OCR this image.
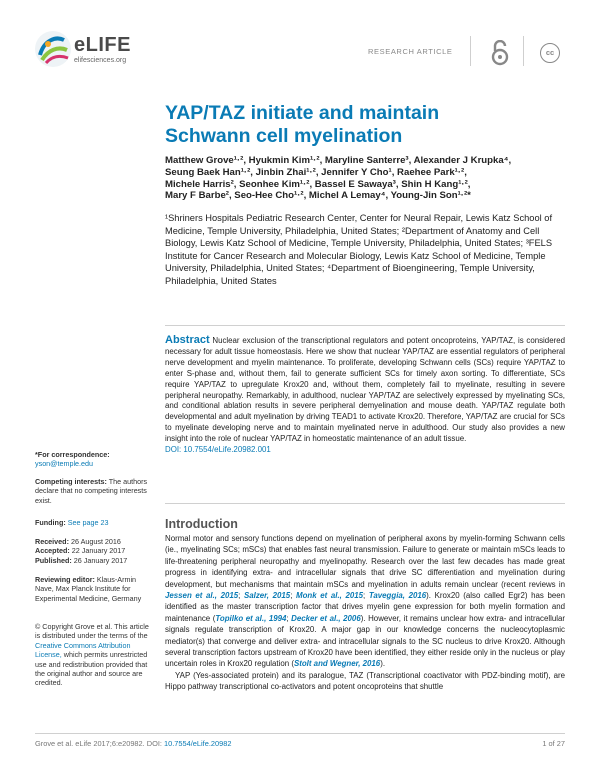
eLIFE
elifesciences.org
RESEARCH ARTICLE	cc
YAP/TAZ initiate and maintain Schwann cell myelination
Matthew Grove¹·², Hyukmin Kim¹·², Maryline Santerre³, Alexander J Krupka⁴,
Seung Baek Han¹·², Jinbin Zhai¹·², Jennifer Y Cho¹, Raehee Park¹·²,
Michele Harris², Seonhee Kim¹·², Bassel E Sawaya³, Shin H Kang¹·²,
Mary F Barbe², Seo-Hee Cho¹·², Michel A Lemay⁴, Young-Jin Son¹·²*
¹Shriners Hospitals Pediatric Research Center, Center for Neural Repair, Lewis Katz School of Medicine, Temple University, Philadelphia, United States; ²Department of Anatomy and Cell Biology, Lewis Katz School of Medicine, Temple University, Philadelphia, United States; ³FELS Institute for Cancer Research and Molecular Biology, Lewis Katz School of Medicine, Temple University, Philadelphia, United States; ⁴Department of Bioengineering, Temple University, Philadelphia, United States
Abstract Nuclear exclusion of the transcriptional regulators and potent oncoproteins, YAP/TAZ, is considered necessary for adult tissue homeostasis. Here we show that nuclear YAP/TAZ are essential regulators of peripheral nerve development and myelin maintenance. To proliferate, developing Schwann cells (SCs) require YAP/TAZ to enter S-phase and, without them, fail to generate sufficient SCs for timely axon sorting. To differentiate, SCs require YAP/TAZ to upregulate Krox20 and, without them, completely fail to myelinate, resulting in severe peripheral neuropathy. Remarkably, in adulthood, nuclear YAP/TAZ are selectively expressed by myelinating SCs, and conditional ablation results in severe peripheral demyelination and mouse death. YAP/TAZ regulate both developmental and adult myelination by driving TEAD1 to activate Krox20. Therefore, YAP/TAZ are crucial for SCs to myelinate developing nerve and to maintain myelinated nerve in adulthood. Our study also provides a new insight into the role of nuclear YAP/TAZ in homeostatic maintenance of an adult tissue.
DOI: 10.7554/eLife.20982.001
*For correspondence: yson@temple.edu
Competing interests: The authors declare that no competing interests exist.
Funding: See page 23
Received: 26 August 2016
Accepted: 22 January 2017
Published: 26 January 2017
Reviewing editor: Klaus-Armin Nave, Max Planck Institute for Experimental Medicine, Germany
© Copyright Grove et al. This article is distributed under the terms of the Creative Commons Attribution License, which permits unrestricted use and redistribution provided that the original author and source are credited.
Introduction

Normal motor and sensory functions depend on myelination of peripheral axons by myelin-forming Schwann cells (ie., myelinating SCs; mSCs) that enables fast neural transmission. Failure to generate or maintain mSCs leads to life-threatening peripheral neuropathy and myelinopathy. Research over the last few decades has made great progress in identifying extra- and intracellular signals that drive SC differentiation and myelination during development, but mechanisms that maintain mSCs and myelination in adults remain unclear (recent reviews in Jessen et al., 2015; Salzer, 2015; Monk et al., 2015; Taveggia, 2016). Krox20 (also called Egr2) has been identified as the master transcription factor that drives myelin gene expression for both myelin formation and maintenance (Topilko et al., 1994; Decker et al., 2006). However, it remains unclear how extra- and intracellular signals regulate transcription of Krox20. A major gap in our knowledge concerns the nucleocytoplasmic mediator(s) that converge and deliver extra- and intracellular signals to the SC nucleus to drive Krox20. Although several transcription factors upstream of Krox20 have been identified, they either reside only in the nucleus or play uncertain roles in Krox20 regulation (Stolt and Wegner, 2016).

YAP (Yes-associated protein) and its paralogue, TAZ (Transcriptional coactivator with PDZ-binding motif), are Hippo pathway transcriptional co-activators and potent oncoproteins that shuttle

Grove et al. eLife 2017;6:e20982. DOI: 10.7554/eLife.20982	1 of 27
